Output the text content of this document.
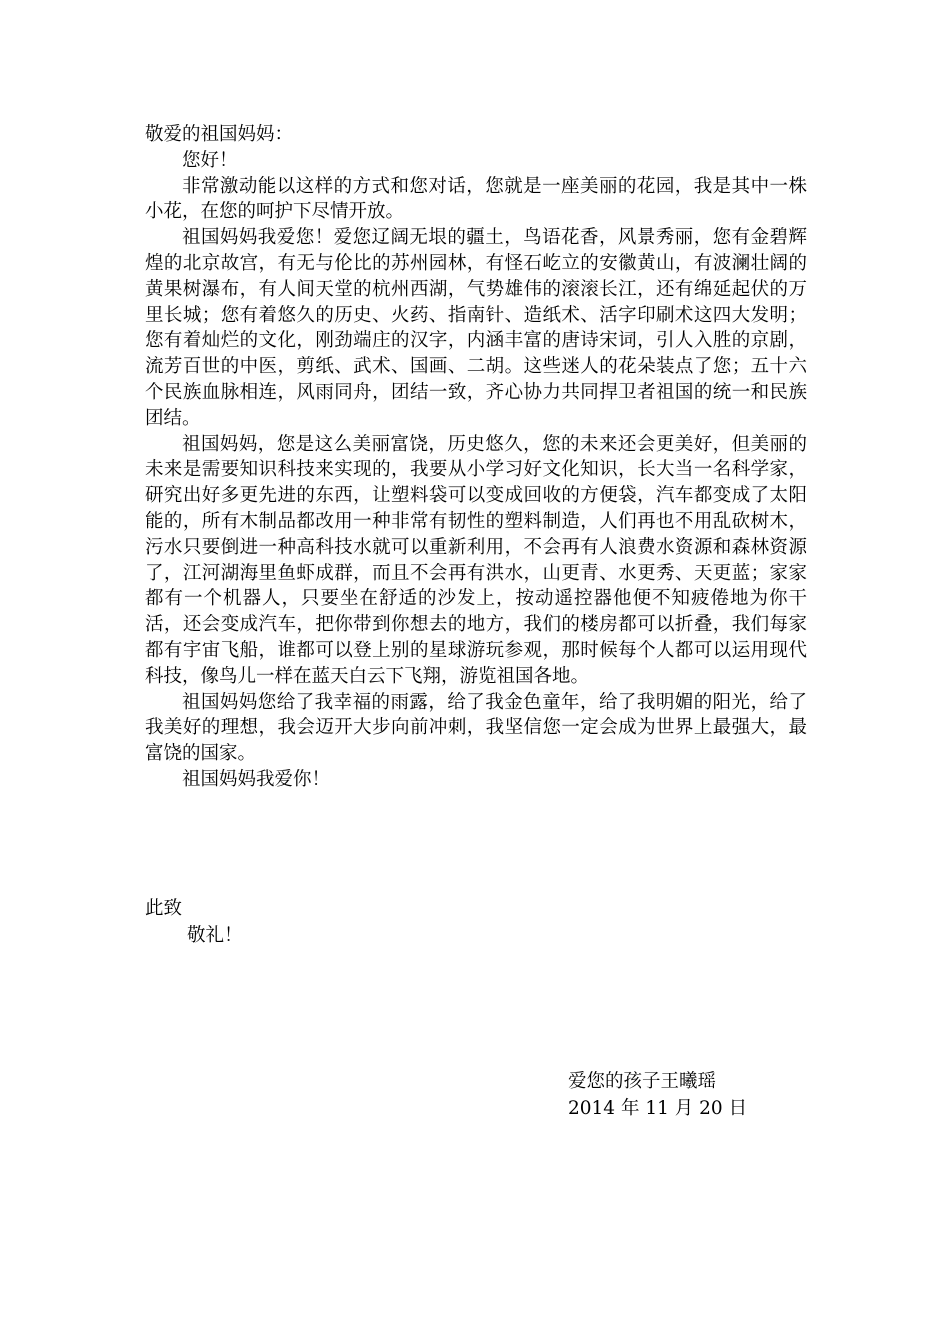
敬爱的祖国妈妈：

您好！

非常激动能以这样的方式和您对话，您就是一座美丽的花园，我是其中一株小花，在您的呵护下尽情开放。

祖国妈妈我爱您！爱您辽阔无垠的疆土，鸟语花香，风景秀丽，您有金碧辉煌的北京故宫，有无与伦比的苏州园林，有怪石屹立的安徽黄山，有波澜壮阔的黄果树瀑布，有人间天堂的杭州西湖，气势雄伟的滚滚长江，还有绵延起伏的万里长城；您有着悠久的历史、火药、指南针、造纸术、活字印刷术这四大发明；您有着灿烂的文化，刚劲端庄的汉字，内涵丰富的唐诗宋词，引人入胜的京剧，流芳百世的中医，剪纸、武术、国画、二胡。这些迷人的花朵装点了您；五十六个民族血脉相连，风雨同舟，团结一致，齐心协力共同捍卫者祖国的统一和民族团结。

祖国妈妈，您是这么美丽富饶，历史悠久，您的未来还会更美好，但美丽的未来是需要知识科技来实现的，我要从小学习好文化知识，长大当一名科学家，研究出好多更先进的东西，让塑料袋可以变成回收的方便袋，汽车都变成了太阳能的，所有木制品都改用一种非常有韧性的塑料制造，人们再也不用乱砍树木，污水只要倒进一种高科技水就可以重新利用，不会再有人浪费水资源和森林资源了，江河湖海里鱼虾成群，而且不会再有洪水，山更青、水更秀、天更蓝；家家都有一个机器人，只要坐在舒适的沙发上，按动遥控器他便不知疲倦地为你干活，还会变成汽车，把你带到你想去的地方，我们的楼房都可以折叠，我们每家都有宇宙飞船，谁都可以登上别的星球游玩参观，那时候每个人都可以运用现代科技，像鸟儿一样在蓝天白云下飞翔，游览祖国各地。

祖国妈妈您给了我幸福的雨露，给了我金色童年，给了我明媚的阳光，给了我美好的理想，我会迈开大步向前冲刺，我坚信您一定会成为世界上最强大，最富饶的国家。

祖国妈妈我爱你！

此致
敬礼！
爱您的孩子王曦瑶
2014 年 11 月 20 日
